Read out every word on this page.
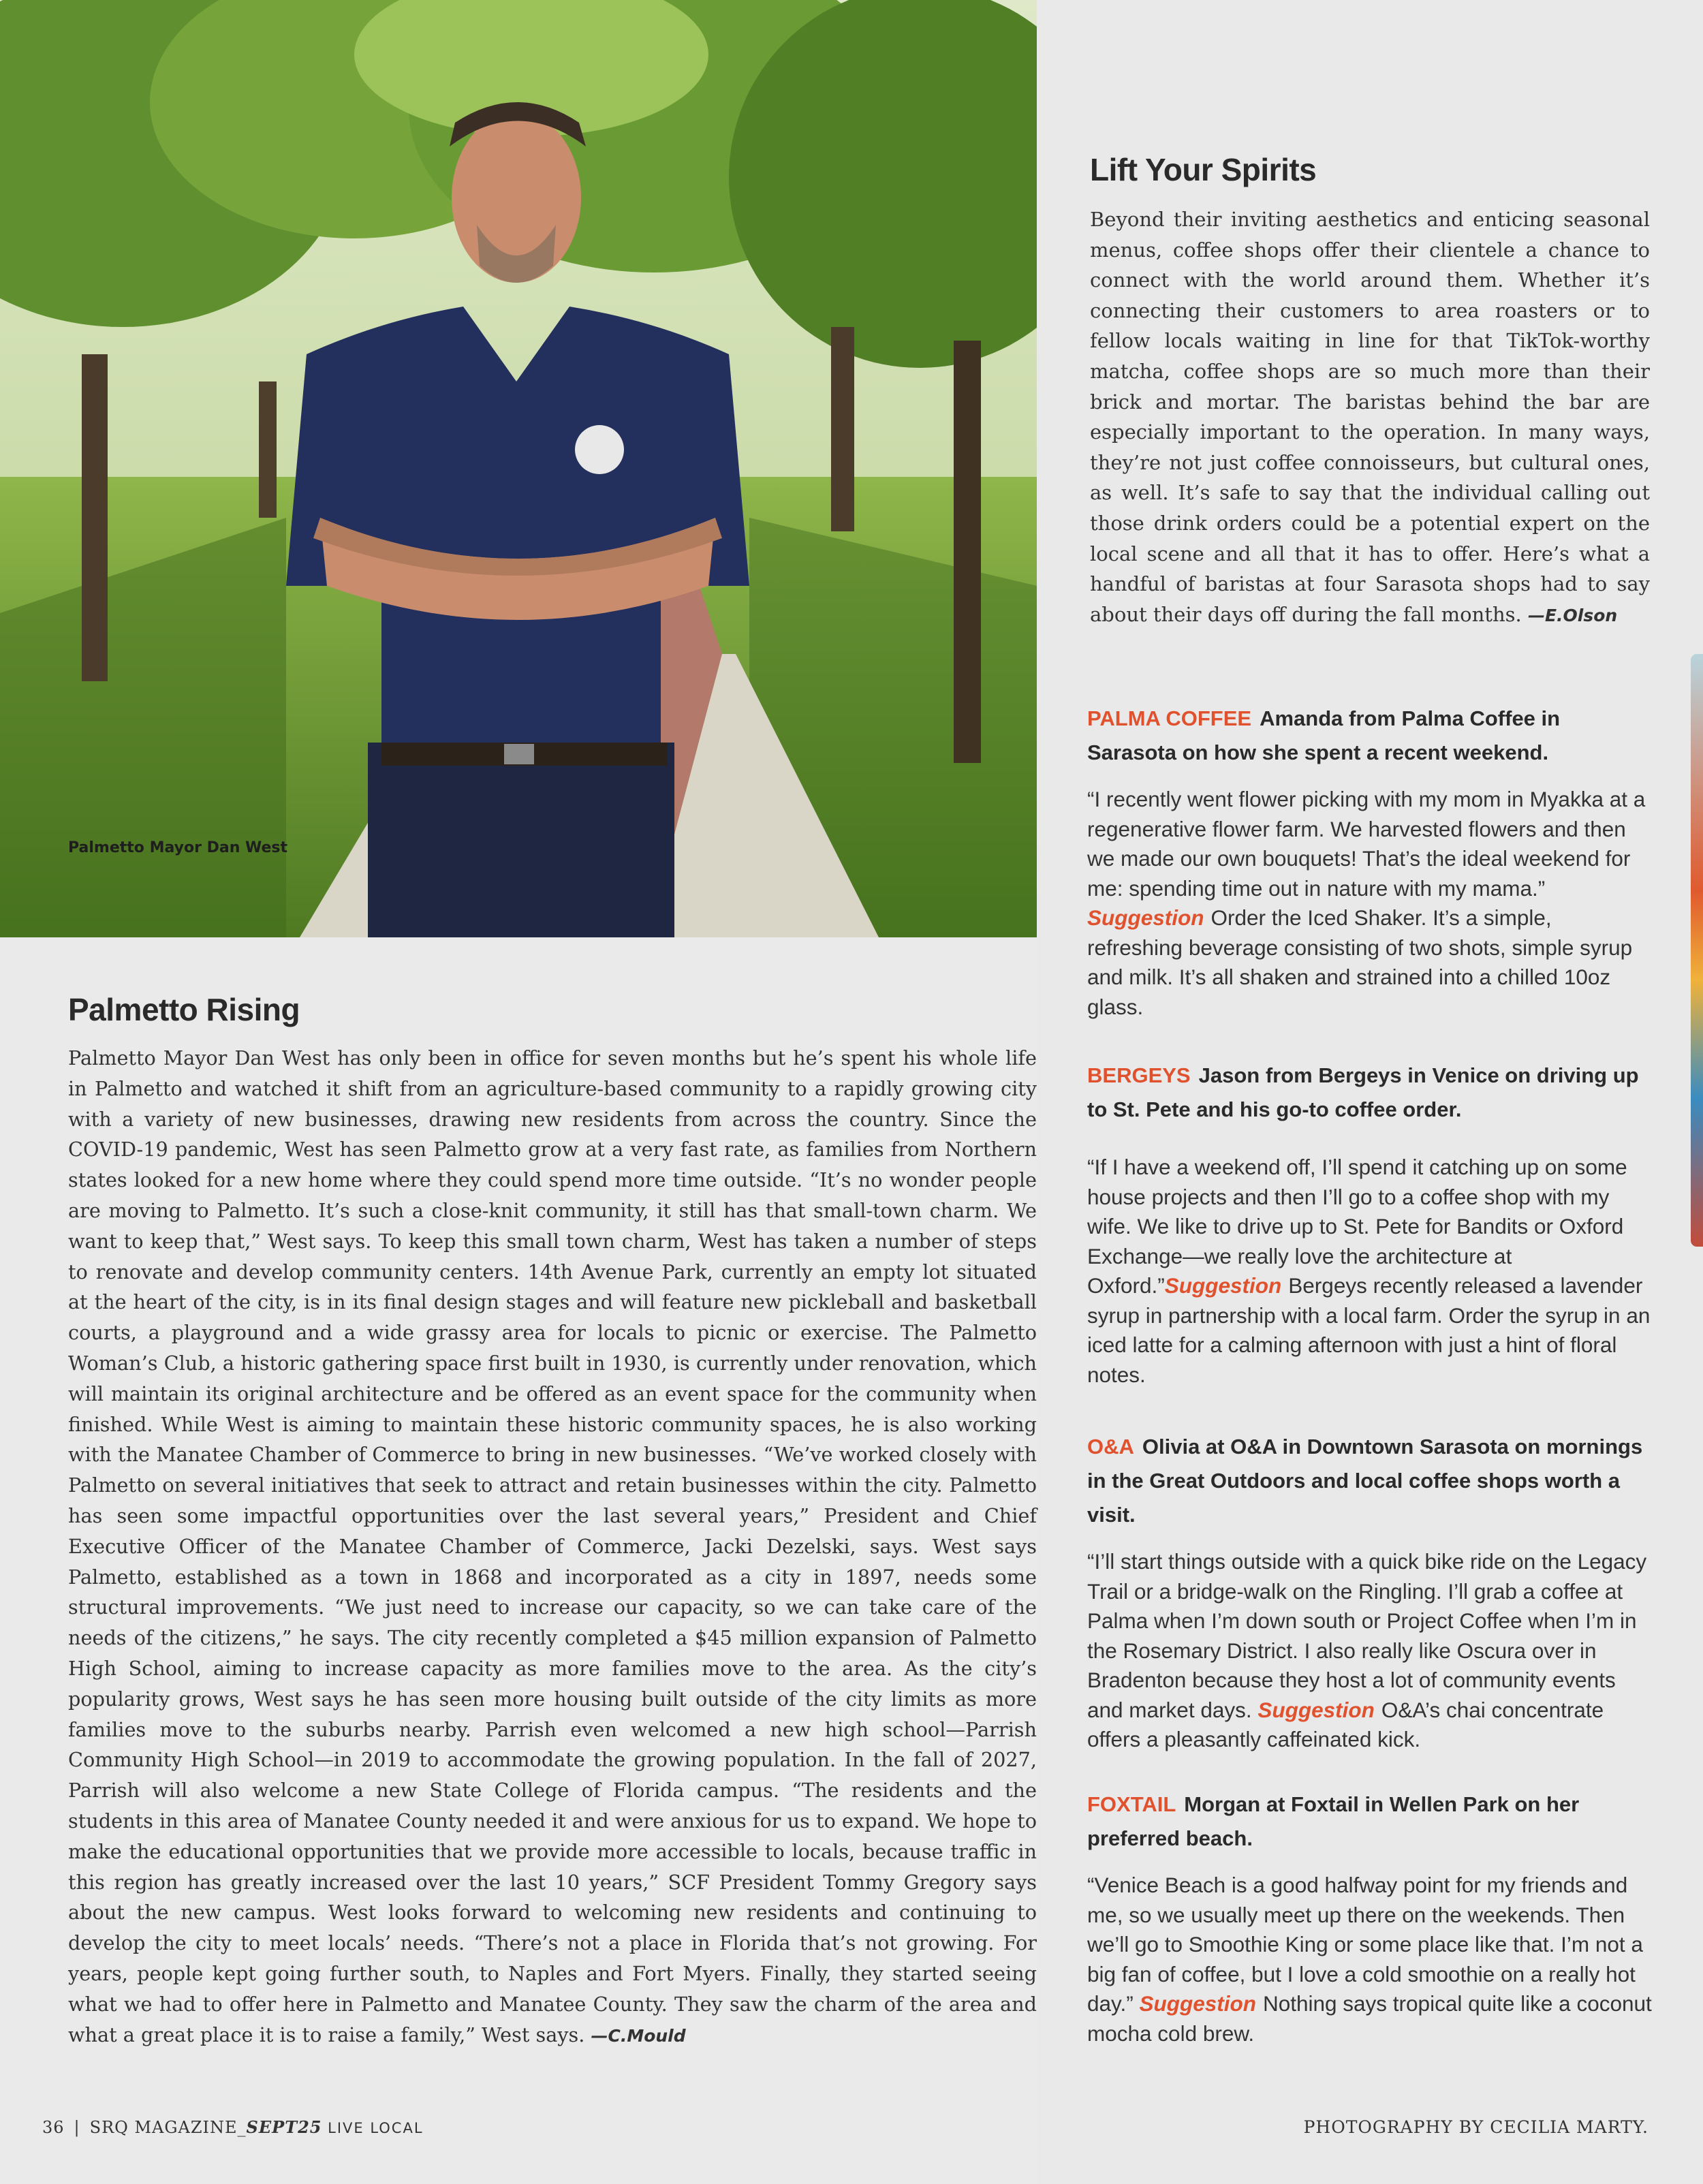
Palmetto Mayor Dan West
Palmetto Rising

Palmetto Mayor Dan West has only been in office for seven months but he’s spent his whole life in Palmetto and watched it shift from an agriculture-based community to a rapidly growing city with a variety of new businesses, drawing new residents from across the country. Since the COVID-19 pandemic, West has seen Palmetto grow at a very fast rate, as families from Northern states looked for a new home where they could spend more time outside. “It’s no wonder people are moving to Palmetto. It’s such a close-knit community, it still has that small-town charm. We want to keep that,” West says. To keep this small town charm, West has taken a number of steps to renovate and develop community centers. 14th Avenue Park, currently an empty lot situated at the heart of the city, is in its final design stages and will feature new pickleball and basketball courts, a playground and a wide grassy area for locals to picnic or exercise. The Palmetto Woman’s Club, a historic gathering space first built in 1930, is currently under renovation, which will maintain its original architecture and be offered as an event space for the community when finished. While West is aiming to maintain these historic community spaces, he is also working with the Manatee Chamber of Commerce to bring in new businesses. “We’ve worked closely with Palmetto on several initiatives that seek to attract and retain businesses within the city. Palmetto has seen some impactful opportunities over the last several years,” President and Chief Executive Officer of the Manatee Chamber of Commerce, Jacki Dezelski, says. West says Palmetto, established as a town in 1868 and incorporated as a city in 1897, needs some structural improvements. “We just need to increase our capacity, so we can take care of the needs of the citizens,” he says. The city recently completed a $45 million expansion of Palmetto High School, aiming to increase capacity as more families move to the area. As the city’s popularity grows, West says he has seen more housing built outside of the city limits as more families move to the suburbs nearby. Parrish even welcomed a new high school—Parrish Community High School—in 2019 to accommodate the growing population. In the fall of 2027, Parrish will also welcome a new State College of Florida campus. “The residents and the students in this area of Manatee County needed it and were anxious for us to expand. We hope to make the educational opportunities that we provide more accessible to locals, because traffic in this region has greatly increased over the last 10 years,” SCF President Tommy Gregory says about the new campus. West looks forward to welcoming new residents and continuing to develop the city to meet locals’ needs. “There’s not a place in Florida that’s not growing. For years, people kept going further south, to Naples and Fort Myers. Finally, they started seeing what we had to offer here in Palmetto and Manatee County. They saw the charm of the area and what a great place it is to raise a family,” West says. —C.Mould

Lift Your Spirits

Beyond their inviting aesthetics and enticing seasonal menus, coffee shops offer their clientele a chance to connect with the world around them. Whether it’s connecting their customers to area roasters or to fellow locals waiting in line for that TikTok-worthy matcha, coffee shops are so much more than their brick and mortar. The baristas behind the bar are especially important to the operation. In many ways, they’re not just coffee connoisseurs, but cultural ones, as well. It’s safe to say that the individual calling out those drink orders could be a potential expert on the local scene and all that it has to offer. Here’s what a handful of baristas at four Sarasota shops had to say about their days off during the fall months. —E.Olson

PALMA COFFEE Amanda from Palma Coffee in Sarasota on how she spent a recent weekend.

“I recently went flower picking with my mom in Myakka at a regenerative flower farm. We harvested flowers and then we made our own bouquets! That’s the ideal weekend for me: spending time out in nature with my mama.” Suggestion Order the Iced Shaker. It’s a simple, refreshing beverage consisting of two shots, simple syrup and milk. It’s all shaken and strained into a chilled 10oz glass.

BERGEYS Jason from Bergeys in Venice on driving up to St. Pete and his go-to coffee order.

“If I have a weekend off, I’ll spend it catching up on some house projects and then I’ll go to a coffee shop with my wife. We like to drive up to St. Pete for Bandits or Oxford Exchange—we really love the architecture at Oxford.”Suggestion Bergeys recently released a lavender syrup in partnership with a local farm. Order the syrup in an iced latte for a calming afternoon with just a hint of floral notes.

O&A Olivia at O&A in Downtown Sarasota on mornings in the Great Outdoors and local coffee shops worth a visit.

“I’ll start things outside with a quick bike ride on the Legacy Trail or a bridge-walk on the Ringling. I’ll grab a coffee at Palma when I’m down south or Project Coffee when I’m in the Rosemary District. I also really like Oscura over in Bradenton because they host a lot of community events and market days. Suggestion O&A’s chai concentrate offers a pleasantly caffeinated kick.

FOXTAIL Morgan at Foxtail in Wellen Park on her preferred beach.

“Venice Beach is a good halfway point for my friends and me, so we usually meet up there on the weekends. Then we’ll go to Smoothie King or some place like that. I’m not a big fan of coffee, but I love a cold smoothie on a really hot day.” Suggestion Nothing says tropical quite like a coconut mocha cold brew.

36 | SRQ MAGAZINE_SEPT25 LIVE LOCAL	PHOTOGRAPHY BY CECILIA MARTY.
